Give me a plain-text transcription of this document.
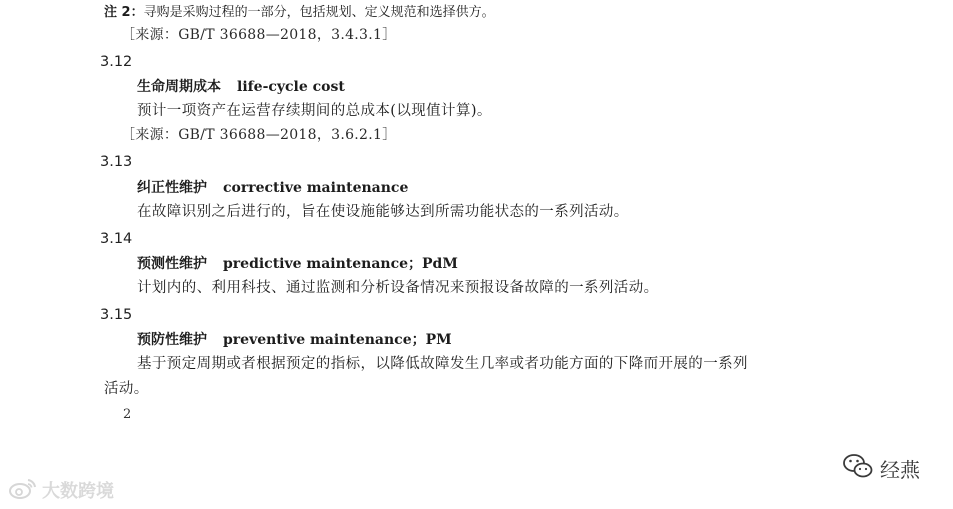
注 2：寻购是采购过程的一部分，包括规划、定义规范和选择供方。
［来源：GB/T 36688—2018，3.4.3.1］
3.12
生命周期成本 life-cycle cost
预计一项资产在运营存续期间的总成本(以现值计算)。
［来源：GB/T 36688—2018，3.6.2.1］
3.13
纠正性维护 corrective maintenance
在故障识别之后进行的，旨在使设施能够达到所需功能状态的一系列活动。
3.14
预测性维护 predictive maintenance；PdM
计划内的、利用科技、通过监测和分析设备情况来预报设备故障的一系列活动。
3.15
预防性维护 preventive maintenance；PM
基于预定周期或者根据预定的指标，以降低故障发生几率或者功能方面的下降而开展的一系列
活动。
2
大数跨境
经燕
